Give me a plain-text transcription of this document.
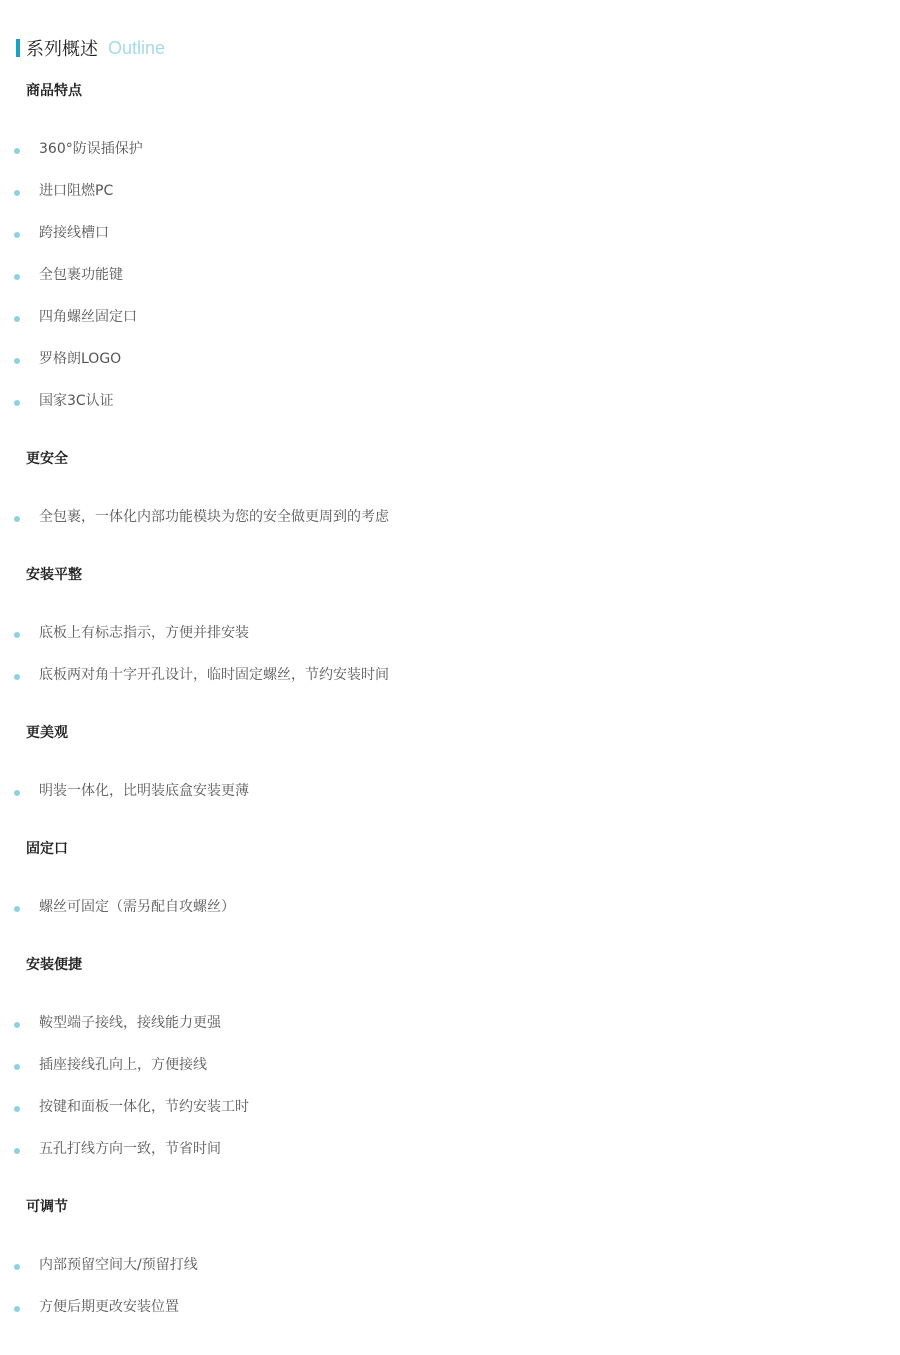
系列概述 Outline
商品特点
360°防误插保护
进口阻燃PC
跨接线槽口
全包裹功能键
四角螺丝固定口
罗格朗LOGO
国家3C认证
更安全
全包裹，一体化内部功能模块为您的安全做更周到的考虑
安装平整
底板上有标志指示，方便并排安装
底板两对角十字开孔设计，临时固定螺丝，节约安装时间
更美观
明装一体化，比明装底盒安装更薄
固定口
螺丝可固定（需另配自攻螺丝）
安装便捷
鞍型端子接线，接线能力更强
插座接线孔向上，方便接线
按键和面板一体化，节约安装工时
五孔打线方向一致，节省时间
可调节
内部预留空间大/预留打线
方便后期更改安装位置
